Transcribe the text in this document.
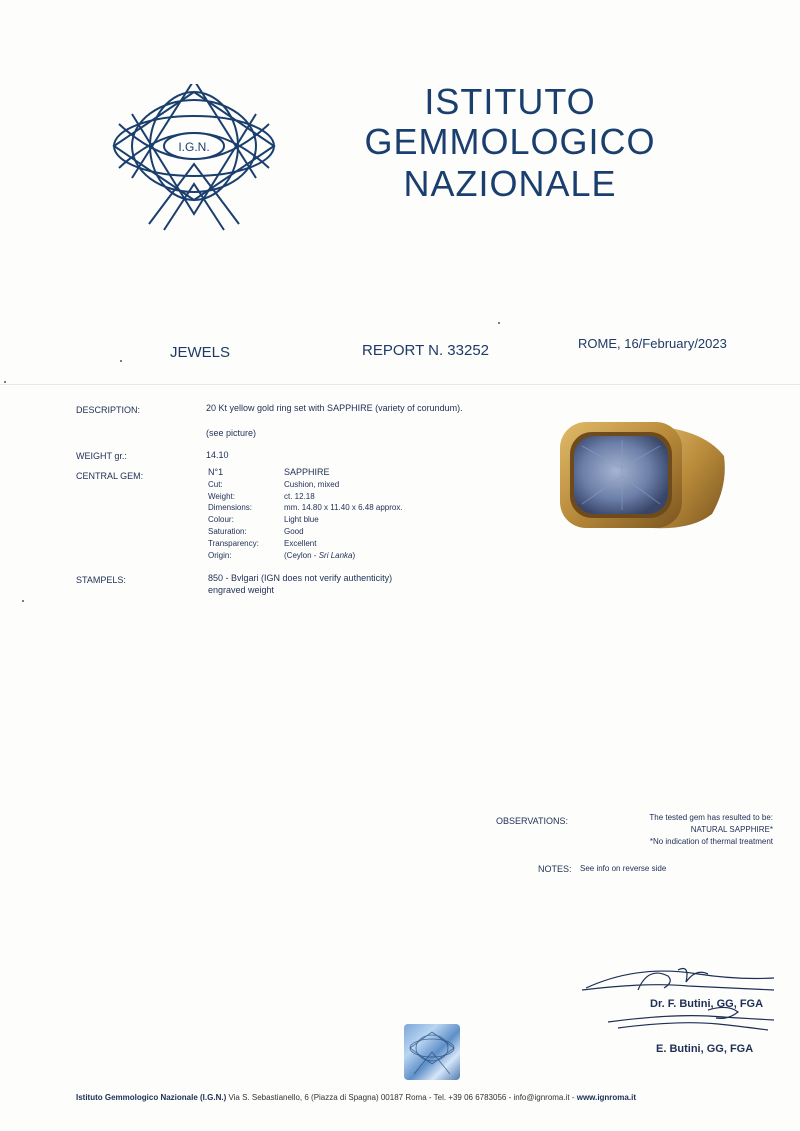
I.G.N.
ISTITUTO
GEMMOLOGICO
NAZIONALE
JEWELS	REPORT N. 33252	ROME, 16/February/2023
DESCRIPTION:	20 Kt yellow gold ring set with SAPPHIRE (variety of corundum).
(see picture)
WEIGHT gr.:	14.10
CENTRAL GEM:	N°1	SAPPHIRE
Cut:	Cushion, mixed
Weight:	ct. 12.18
Dimensions:	mm. 14.80 x 11.40 x 6.48 approx.
Colour:	Light blue
Saturation:	Good
Transparency:	Excellent
Origin:	(Ceylon - Sri Lanka)
STAMPELS:	850 - Bvlgari (IGN does not verify authenticity)
engraved weight
OBSERVATIONS:	The tested gem has resulted to be:
NATURAL SAPPHIRE*
*No indication of thermal treatment
NOTES: See info on reverse side
Dr. F. Butini, GG, FGA
E. Butini, GG, FGA
Istituto Gemmologico Nazionale (I.G.N.) Via S. Sebastianello, 6 (Piazza di Spagna) 00187 Roma - Tel. +39 06 6783056 - info@ignroma.it - www.ignroma.it
